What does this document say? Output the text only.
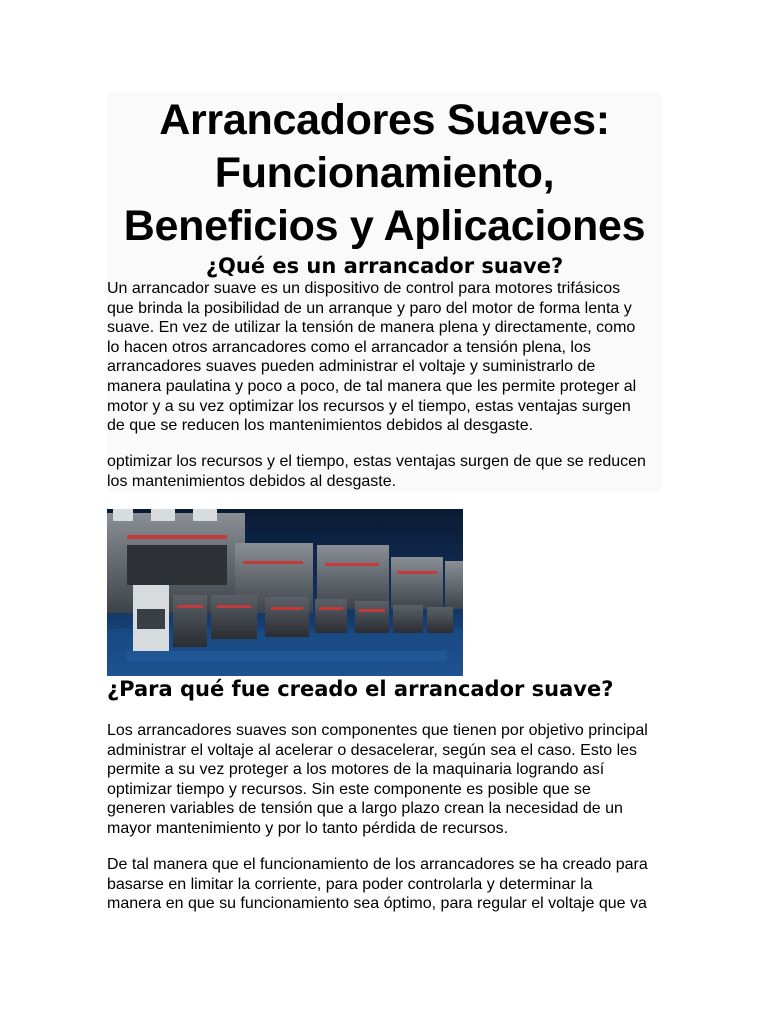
Arrancadores Suaves:
Funcionamiento,
Beneficios y Aplicaciones
¿Qué es un arrancador suave?

Un arrancador suave es un dispositivo de control para motores trifásicos
que brinda la posibilidad de un arranque y paro del motor de forma lenta y
suave. En vez de utilizar la tensión de manera plena y directamente, como
lo hacen otros arrancadores como el arrancador a tensión plena, los
arrancadores suaves pueden administrar el voltaje y suministrarlo de
manera paulatina y poco a poco, de tal manera que les permite proteger al
motor y a su vez optimizar los recursos y el tiempo, estas ventajas surgen
de que se reducen los mantenimientos debidos al desgaste.

optimizar los recursos y el tiempo, estas ventajas surgen de que se reducen
los mantenimientos debidos al desgaste.

¿Para qué fue creado el arrancador suave?

Los arrancadores suaves son componentes que tienen por objetivo principal
administrar el voltaje al acelerar o desacelerar, según sea el caso. Esto les
permite a su vez proteger a los motores de la maquinaria logrando así
optimizar tiempo y recursos. Sin este componente es posible que se
generen variables de tensión que a largo plazo crean la necesidad de un
mayor mantenimiento y por lo tanto pérdida de recursos.

De tal manera que el funcionamiento de los arrancadores se ha creado para
basarse en limitar la corriente, para poder controlarla y determinar la
manera en que su funcionamiento sea óptimo, para regular el voltaje que va
